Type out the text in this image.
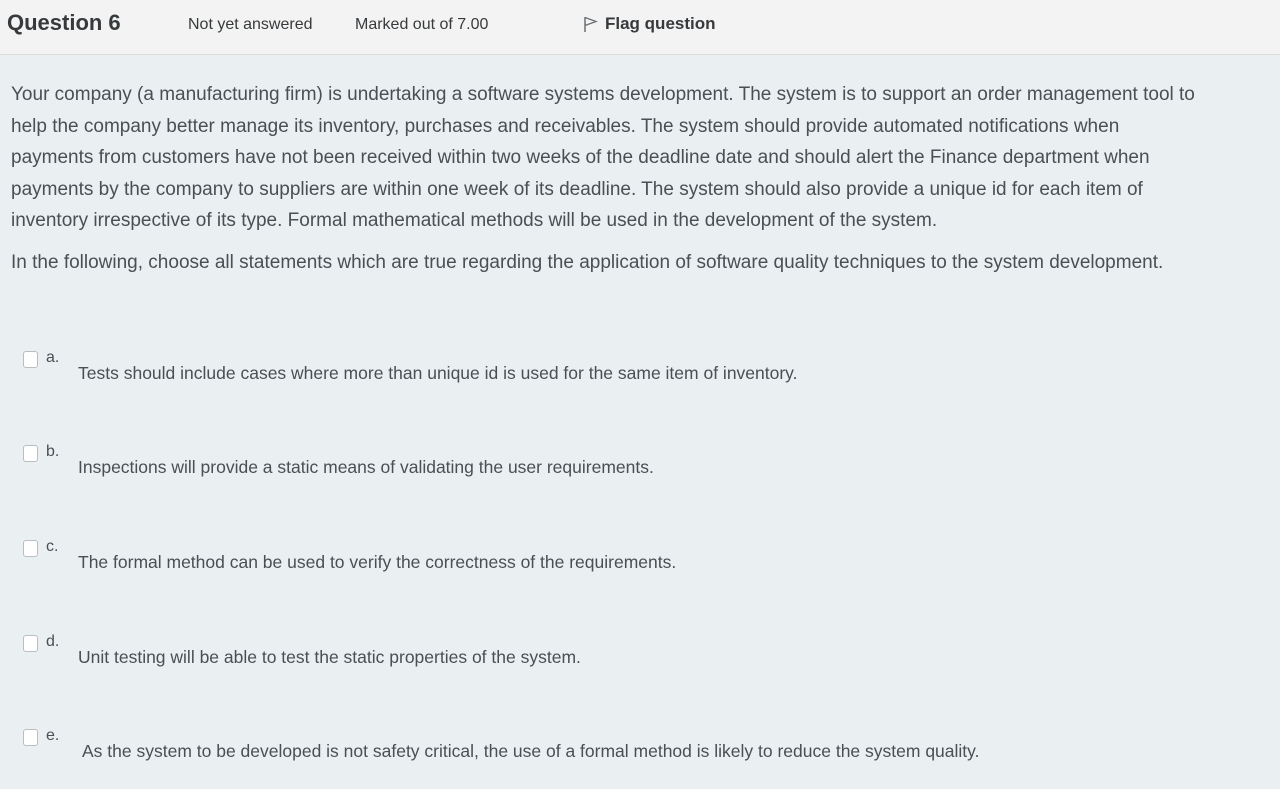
Question 6	Not yet answered	Marked out of 7.00	Flag question

Your company (a manufacturing firm) is undertaking a software systems development. The system is to support an order management tool to

help the company better manage its inventory, purchases and receivables. The system should provide automated notifications when

payments from customers have not been received within two weeks of the deadline date and should alert the Finance department when

payments by the company to suppliers are within one week of its deadline. The system should also provide a unique id for each item of

inventory irrespective of its type. Formal mathematical methods will be used in the development of the system.

In the following, choose all statements which are true regarding the application of software quality techniques to the system development.
a.
Tests should include cases where more than unique id is used for the same item of inventory.
b.
Inspections will provide a static means of validating the user requirements.
c.
The formal method can be used to verify the correctness of the requirements.
d.
Unit testing will be able to test the static properties of the system.
e.
As the system to be developed is not safety critical, the use of a formal method is likely to reduce the system quality.
